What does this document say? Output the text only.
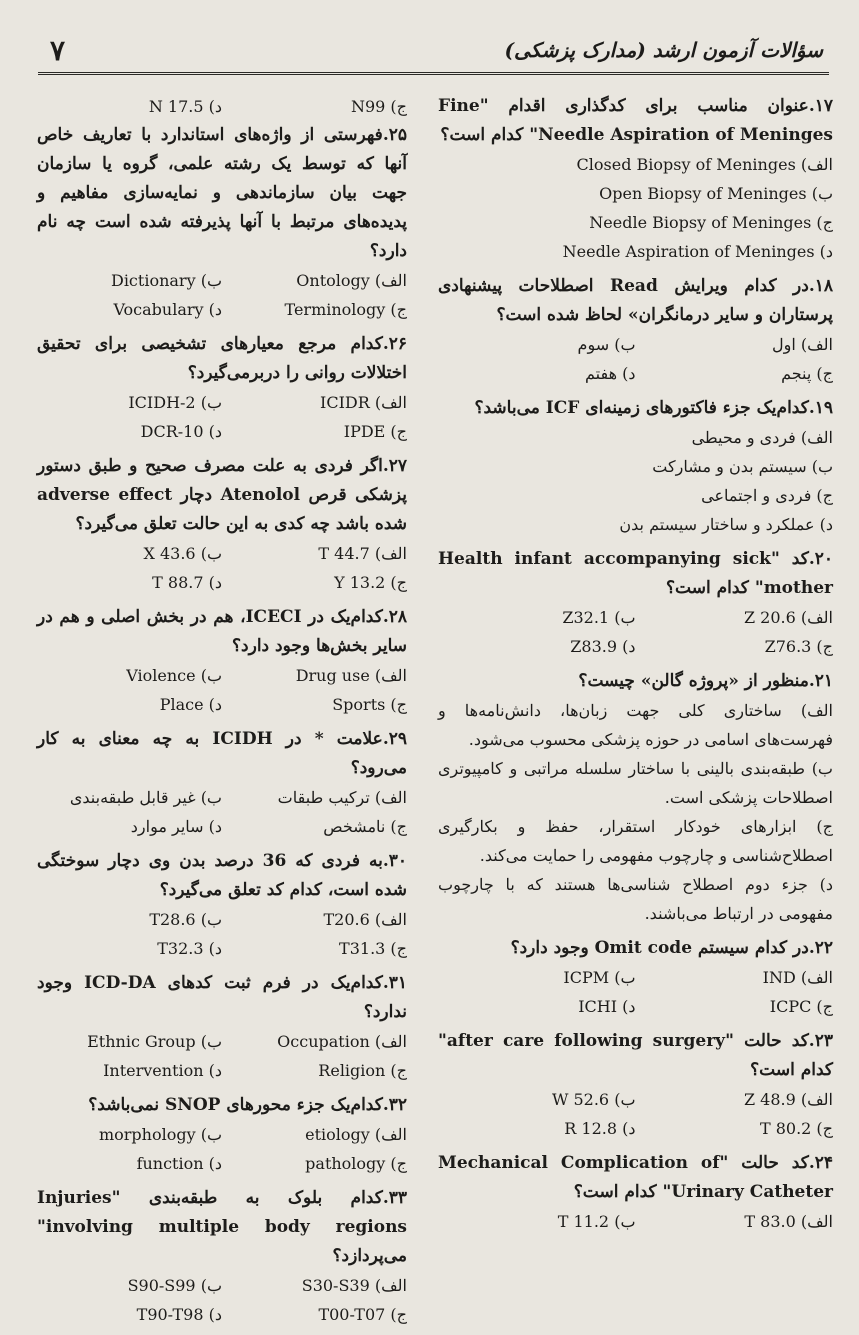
۷	سؤالات آزمون ارشد (مدارک پزشکی)
۱۷.عنوان مناسب برای کدگذاری اقدام "Fine Needle Aspiration of Meninges" کدام است؟
الف) Closed Biopsy of Meninges
ب) Open Biopsy of Meninges
ج) Needle Biopsy of Meninges
د) Needle Aspiration of Meninges
۱۸.در کدام ویرایش Read اصطلاحات پیشنهادی پرستاران و سایر درمانگران» لحاظ شده است؟
الف) اول
ب) سوم
ج) پنجم
د) هفتم
۱۹.کدام‌یک جزء فاکتورهای زمینه‌ای ICF می‌باشد؟
الف) فردی و محیطی
ب) سیستم بدن و مشارکت
ج) فردی و اجتماعی
د) عملکرد و ساختار سیستم بدن
۲۰.کد "Health infant accompanying sick mother" کدام است؟
الف) Z 20.6
ب) Z32.1
ج) Z76.3
د) Z83.9
۲۱.منظور از «پروژه گالن» چیست؟
الف) ساختاری کلی جهت زبان‌ها، دانش‌نامه‌ها و فهرست‌های اسامی در حوزه پزشکی محسوب می‌شود.
ب) طبقه‌بندی بالینی با ساختار سلسله مراتبی و کامپیوتری اصطلاحات پزشکی است.
ج) ابزارهای خودکار استقرار، حفظ و بکارگیری اصطلاح‌شناسی و چارچوب مفهومی را حمایت می‌کند.
د) جزء دوم اصطلاح شناسی‌ها هستند که با چارچوب مفهومی در ارتباط می‌باشند.
۲۲.در کدام سیستم Omit code وجود دارد؟
الف) IND
ب) ICPM
ج) ICPC
د) ICHI
۲۳.کد حالت "after care following surgery" کدام است؟
الف) Z 48.9
ب) W 52.6
ج) T 80.2
د) R 12.8
۲۴.کد حالت "Mechanical Complication of Urinary Catheter" کدام است؟
الف) T 83.0
ب) T 11.2
ج) N99
د) N 17.5
۲۵.فهرستی از واژه‌های استاندارد با تعاریف خاص آنها که توسط یک رشته علمی، گروه یا سازمان جهت بیان سازماندهی و نمایه‌سازی مفاهیم و پدیده‌های مرتبط با آنها پذیرفته شده است چه نام دارد؟
الف) Ontology
ب) Dictionary
ج) Terminology
د) Vocabulary
۲۶.کدام مرجع معیارهای تشخیصی برای تحقیق اختلالات روانی را دربرمی‌گیرد؟
الف) ICIDR
ب) ICIDH-2
ج) IPDE
د) DCR-10
۲۷.اگر فردی به علت مصرف صحیح و طبق دستور پزشکی قرص Atenolol دچار adverse effect شده باشد چه کدی به این حالت تعلق می‌گیرد؟
الف) T 44.7
ب) X 43.6
ج) Y 13.2
د) T 88.7
۲۸.کدام‌یک در ICECI، هم در بخش اصلی و هم در سایر بخش‌ها وجود دارد؟
الف) Drug use
ب) Violence
ج) Sports
د) Place
۲۹.علامت * در ICIDH به چه معنای به کار می‌رود؟
الف) ترکیب طبقات
ب) غیر قابل طبقه‌بندی
ج) نامشخص
د) سایر موارد
۳۰.به فردی که 36 درصد بدن وی دچار سوختگی شده است، کدام کد تعلق می‌گیرد؟
الف) T20.6
ب) T28.6
ج) T31.3
د) T32.3
۳۱.کدام‌یک در فرم ثبت کدهای ICD-DA وجود ندارد؟
الف) Occupation
ب) Ethnic Group
ج) Religion
د) Intervention
۳۲.کدام‌یک جزء محورهای SNOP نمی‌باشد؟
الف) etiology
ب) morphology
ج) pathology
د) function
۳۳.کدام بلوک به طبقه‌بندی "Injuries involving multiple body regions" می‌پردازد؟
الف) S30-S39
ب) S90-S99
ج) T00-T07
د) T90-T98
